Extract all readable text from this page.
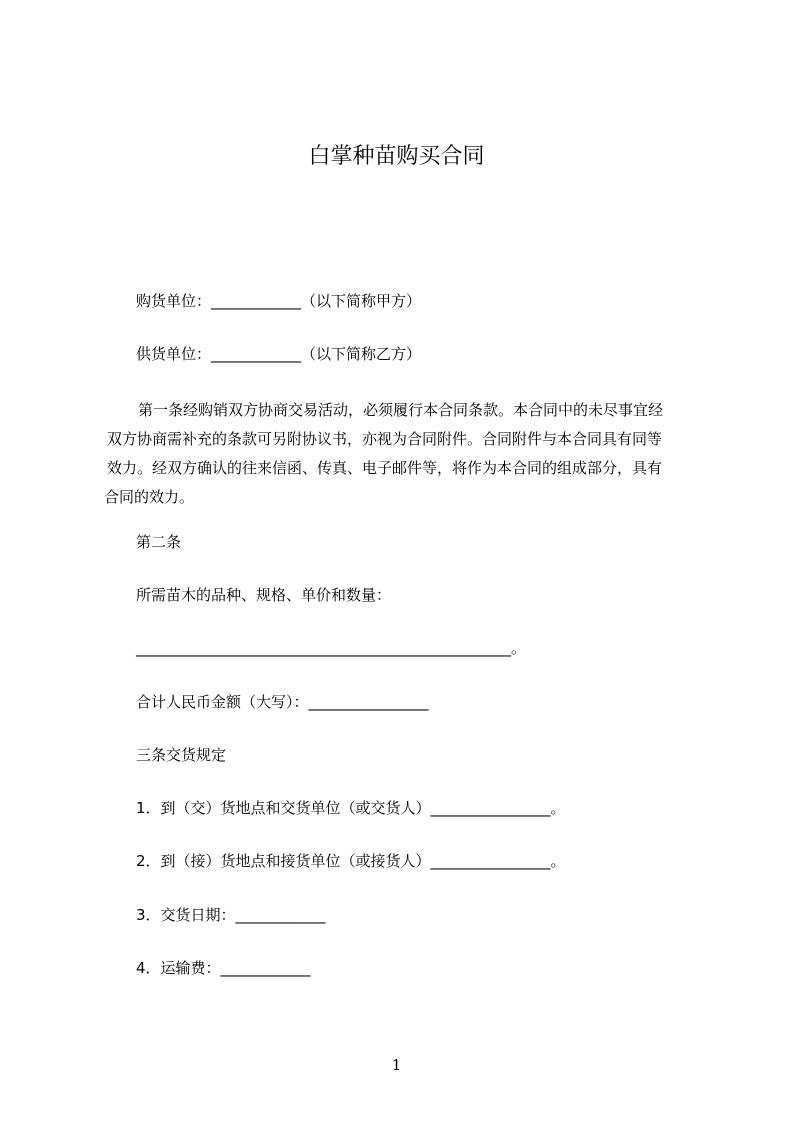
白掌种苗购买合同
购货单位：____________（以下简称甲方）
供货单位：____________（以下简称乙方）
第一条经购销双方协商交易活动，必须履行本合同条款。本合同中的未尽事宜经
双方协商需补充的条款可另附协议书，亦视为合同附件。合同附件与本合同具有同等
效力。经双方确认的往来信函、传真、电子邮件等，将作为本合同的组成部分，具有
合同的效力。
第二条
所需苗木的品种、规格、单价和数量：
__________________________________________________。
合计人民币金额（大写）：________________
三条交货规定
1．到（交）货地点和交货单位（或交货人）________________。
2．到（接）货地点和接货单位（或接货人）________________。
3．交货日期：____________
4．运输费：____________
1
